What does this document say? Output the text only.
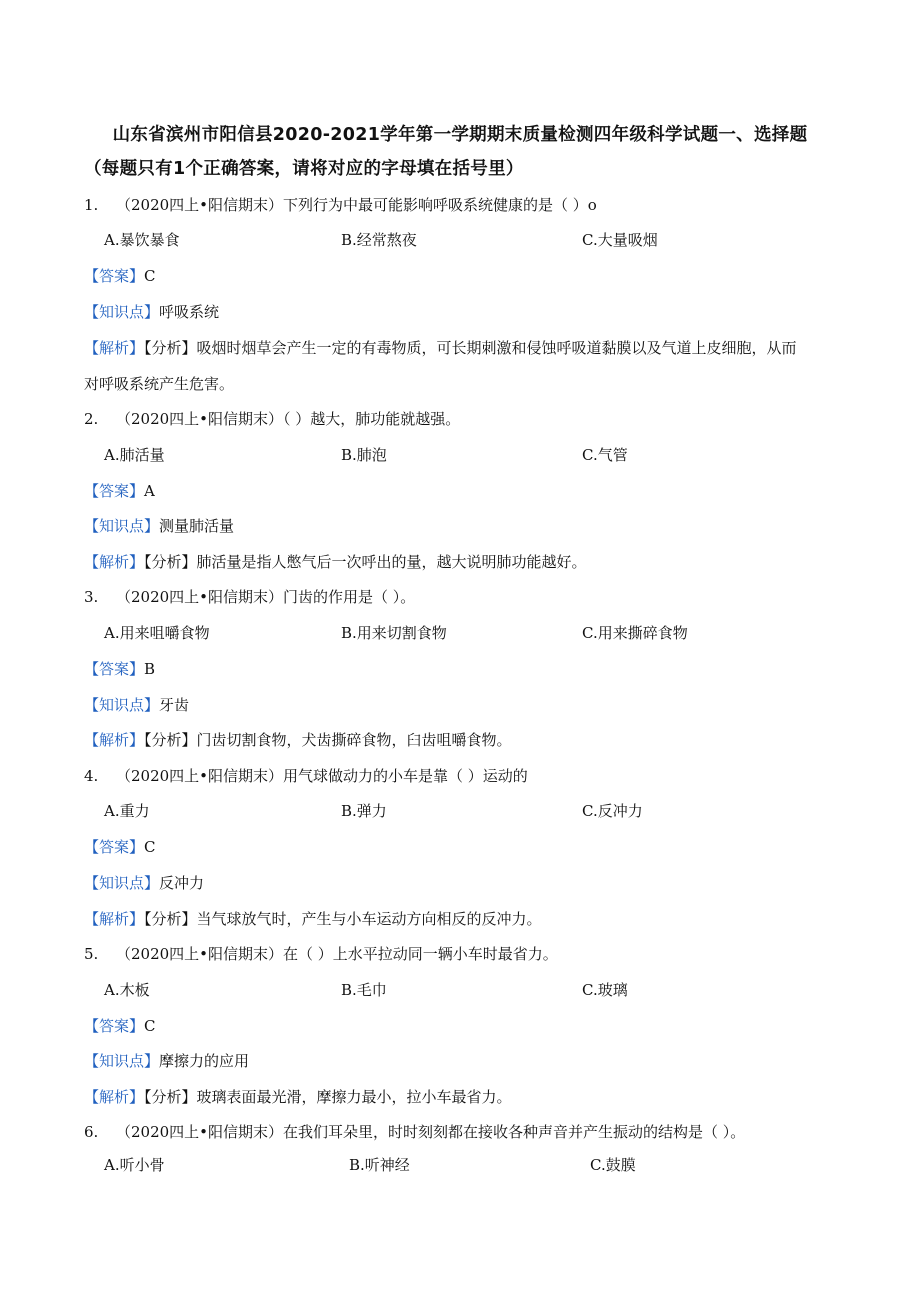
山东省滨州市阳信县2020-2021学年第一学期期末质量检测四年级科学试题一、选择题
（每题只有1个正确答案，请将对应的字母填在括号里）
1. （2020四上•阳信期末）下列行为中最可能影响呼吸系统健康的是（ ）o
A.暴饮暴食	B.经常熬夜	C.大量吸烟
【答案】C
【知识点】呼吸系统
【解析】【分析】吸烟时烟草会产生一定的有毒物质，可长期刺激和侵蚀呼吸道黏膜以及气道上皮细胞，从而
对呼吸系统产生危害。
2. （2020四上•阳信期末）（ ）越大，肺功能就越强。
A.肺活量	B.肺泡	C.气管
【答案】A
【知识点】测量肺活量
【解析】【分析】肺活量是指人憋气后一次呼出的量，越大说明肺功能越好。
3. （2020四上•阳信期末）门齿的作用是（ ）。
A.用来咀嚼食物	B.用来切割食物	C.用来撕碎食物
【答案】B
【知识点】牙齿
【解析】【分析】门齿切割食物，犬齿撕碎食物，臼齿咀嚼食物。
4. （2020四上•阳信期末）用气球做动力的小车是靠（ ）运动的
A.重力	B.弹力	C.反冲力
【答案】C
【知识点】反冲力
【解析】【分析】当气球放气时，产生与小车运动方向相反的反冲力。
5. （2020四上•阳信期末）在（ ）上水平拉动同一辆小车时最省力。
A.木板	B.毛巾	C.玻璃
【答案】C
【知识点】摩擦力的应用
【解析】【分析】玻璃表面最光滑，摩擦力最小，拉小车最省力。
6. （2020四上•阳信期末）在我们耳朵里，时时刻刻都在接收各种声音并产生振动的结构是（ ）。
A.听小骨	B.听神经	C.鼓膜
